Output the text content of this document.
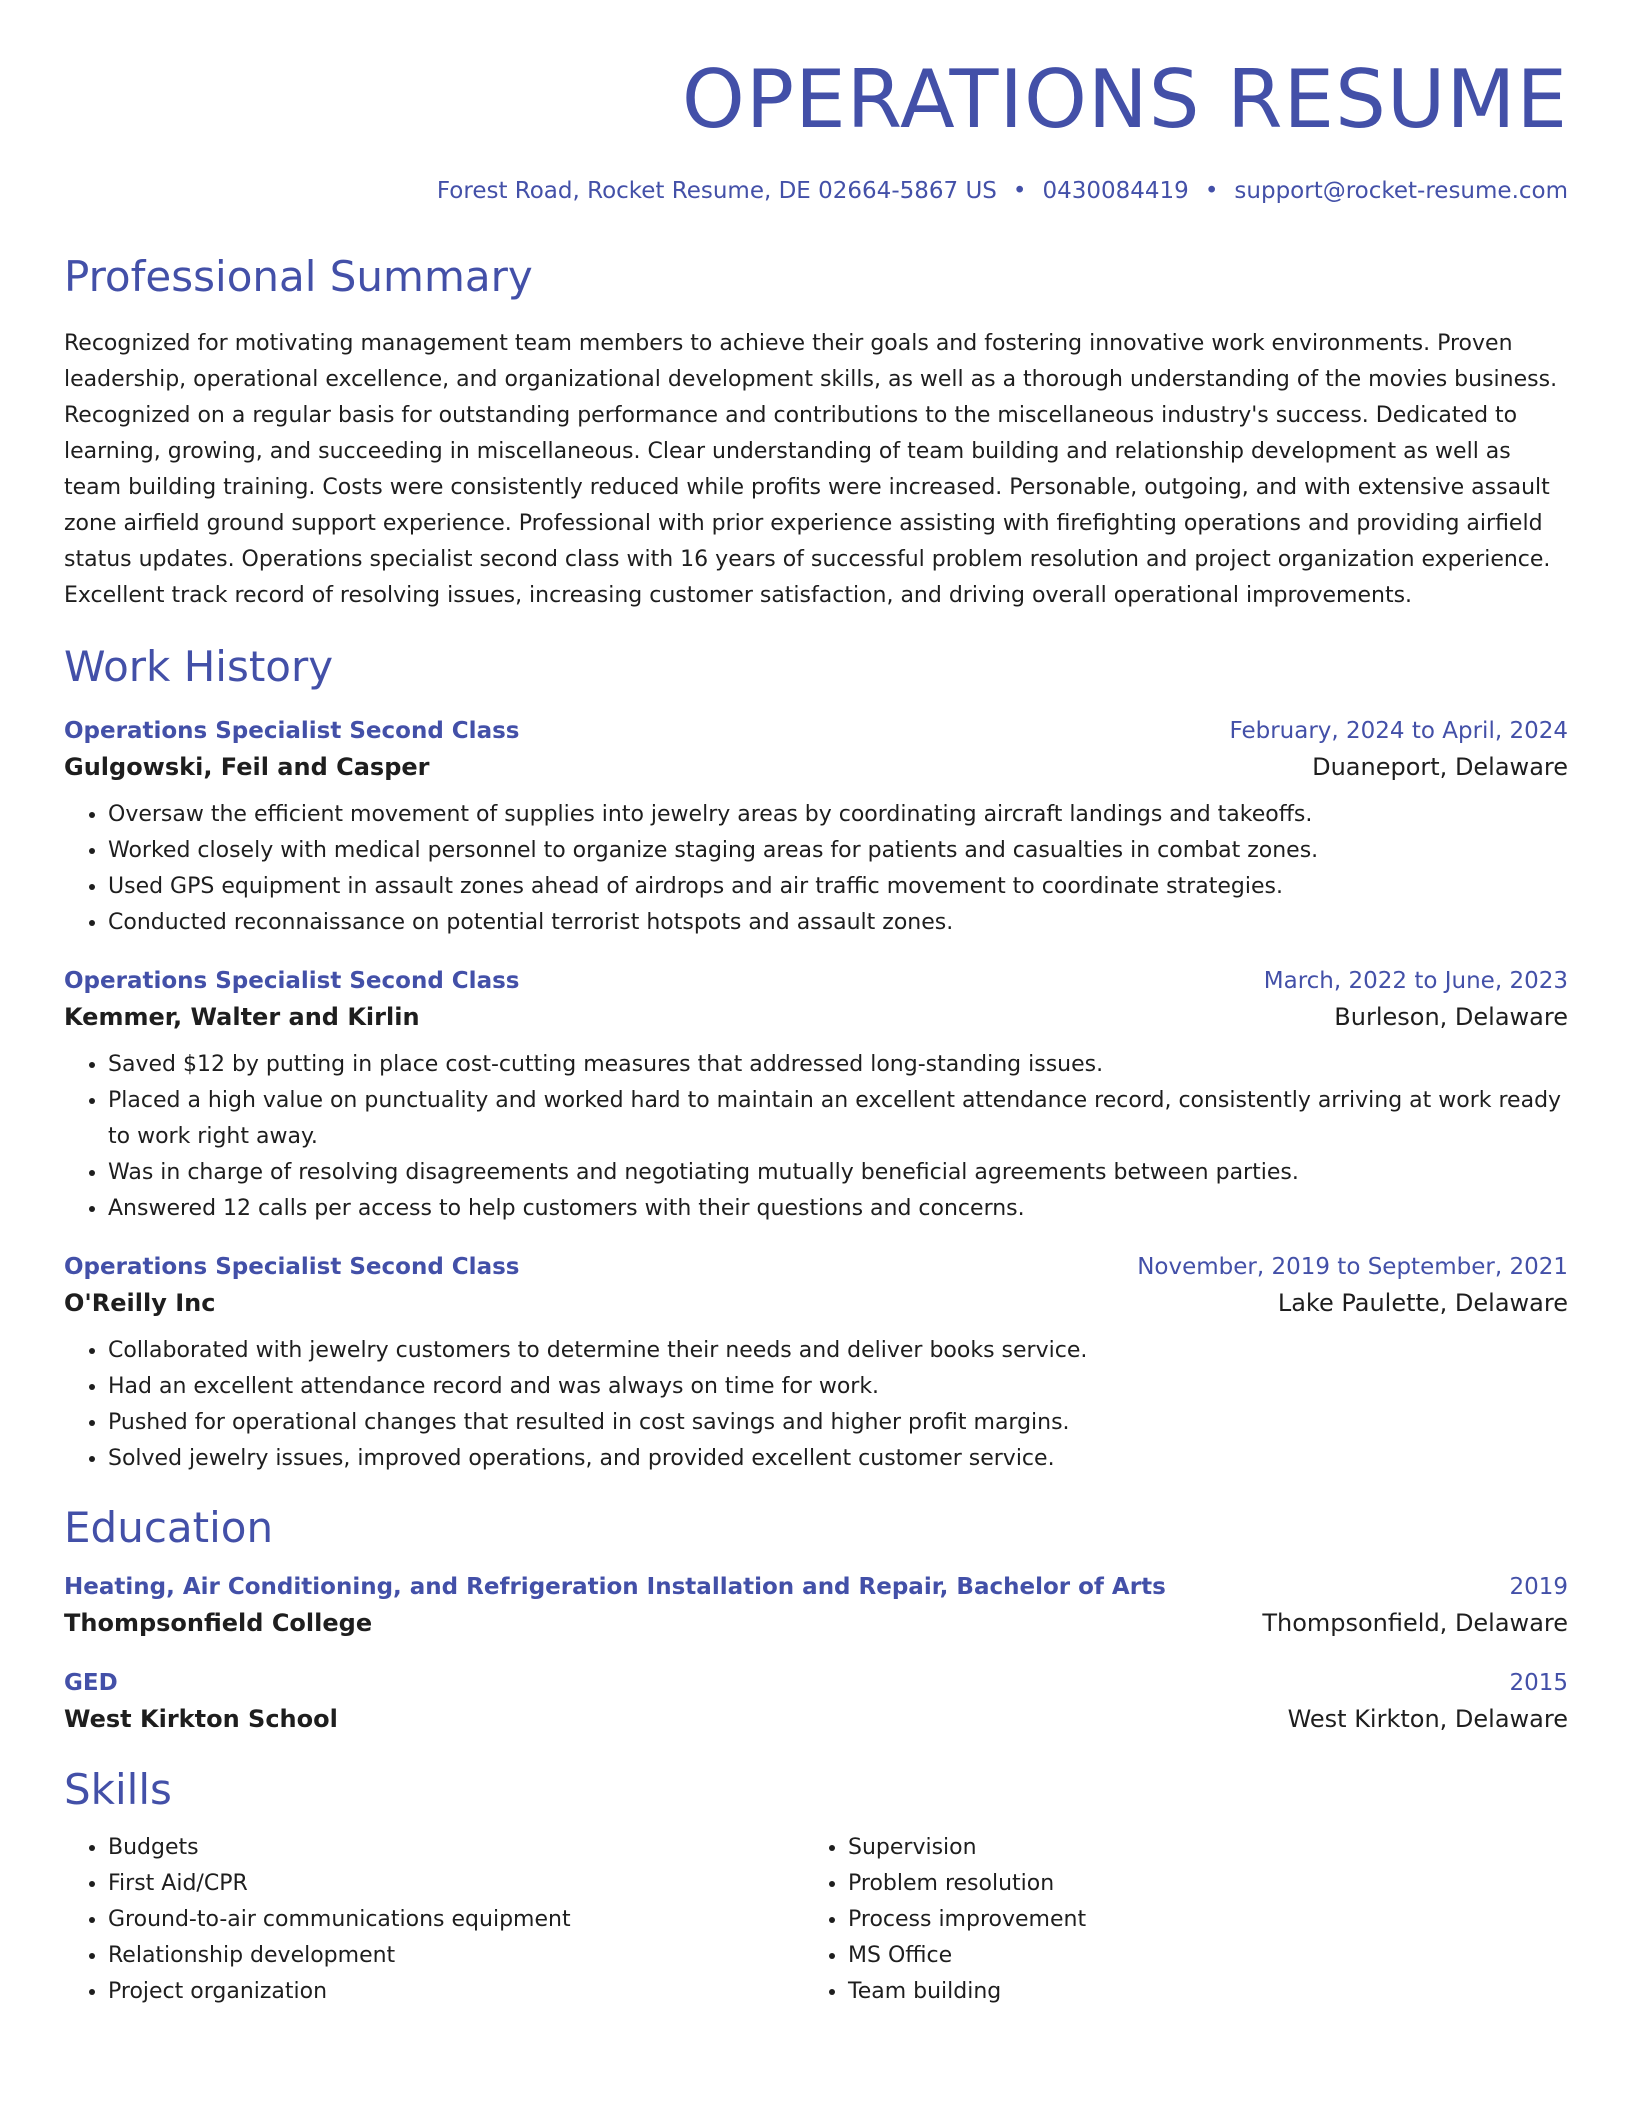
OPERATIONS RESUME
Forest Road, Rocket Resume, DE 02664-5867 US • 0430084419 • support@rocket-resume.com
Professional Summary

Recognized for motivating management team members to achieve their goals and fostering innovative work environments. Proven leadership, operational excellence, and organizational development skills, as well as a thorough understanding of the movies business. Recognized on a regular basis for outstanding performance and contributions to the miscellaneous industry's success. Dedicated to learning, growing, and succeeding in miscellaneous. Clear understanding of team building and relationship development as well as team building training. Costs were consistently reduced while profits were increased. Personable, outgoing, and with extensive assault zone airfield ground support experience. Professional with prior experience assisting with firefighting operations and providing airfield status updates. Operations specialist second class with 16 years of successful problem resolution and project organization experience. Excellent track record of resolving issues, increasing customer satisfaction, and driving overall operational improvements.

Work History
Operations Specialist Second Class	February, 2024 to April, 2024
Gulgowski, Feil and Casper	Duaneport, Delaware
• Oversaw the efficient movement of supplies into jewelry areas by coordinating aircraft landings and takeoffs.
• Worked closely with medical personnel to organize staging areas for patients and casualties in combat zones.
• Used GPS equipment in assault zones ahead of airdrops and air traffic movement to coordinate strategies.
• Conducted reconnaissance on potential terrorist hotspots and assault zones.
Operations Specialist Second Class	March, 2022 to June, 2023
Kemmer, Walter and Kirlin	Burleson, Delaware
• Saved $12 by putting in place cost-cutting measures that addressed long-standing issues.
• Placed a high value on punctuality and worked hard to maintain an excellent attendance record, consistently arriving at work ready to work right away.
• Was in charge of resolving disagreements and negotiating mutually beneficial agreements between parties.
• Answered 12 calls per access to help customers with their questions and concerns.
Operations Specialist Second Class	November, 2019 to September, 2021
O'Reilly Inc	Lake Paulette, Delaware
• Collaborated with jewelry customers to determine their needs and deliver books service.
• Had an excellent attendance record and was always on time for work.
• Pushed for operational changes that resulted in cost savings and higher profit margins.
• Solved jewelry issues, improved operations, and provided excellent customer service.
Education
Heating, Air Conditioning, and Refrigeration Installation and Repair, Bachelor of Arts	2019
Thompsonfield College	Thompsonfield, Delaware
GED	2015
West Kirkton School	West Kirkton, Delaware
Skills
• Budgets
• First Aid/CPR
• Ground-to-air communications equipment
• Relationship development
• Project organization
• Supervision
• Problem resolution
• Process improvement
• MS Office
• Team building
